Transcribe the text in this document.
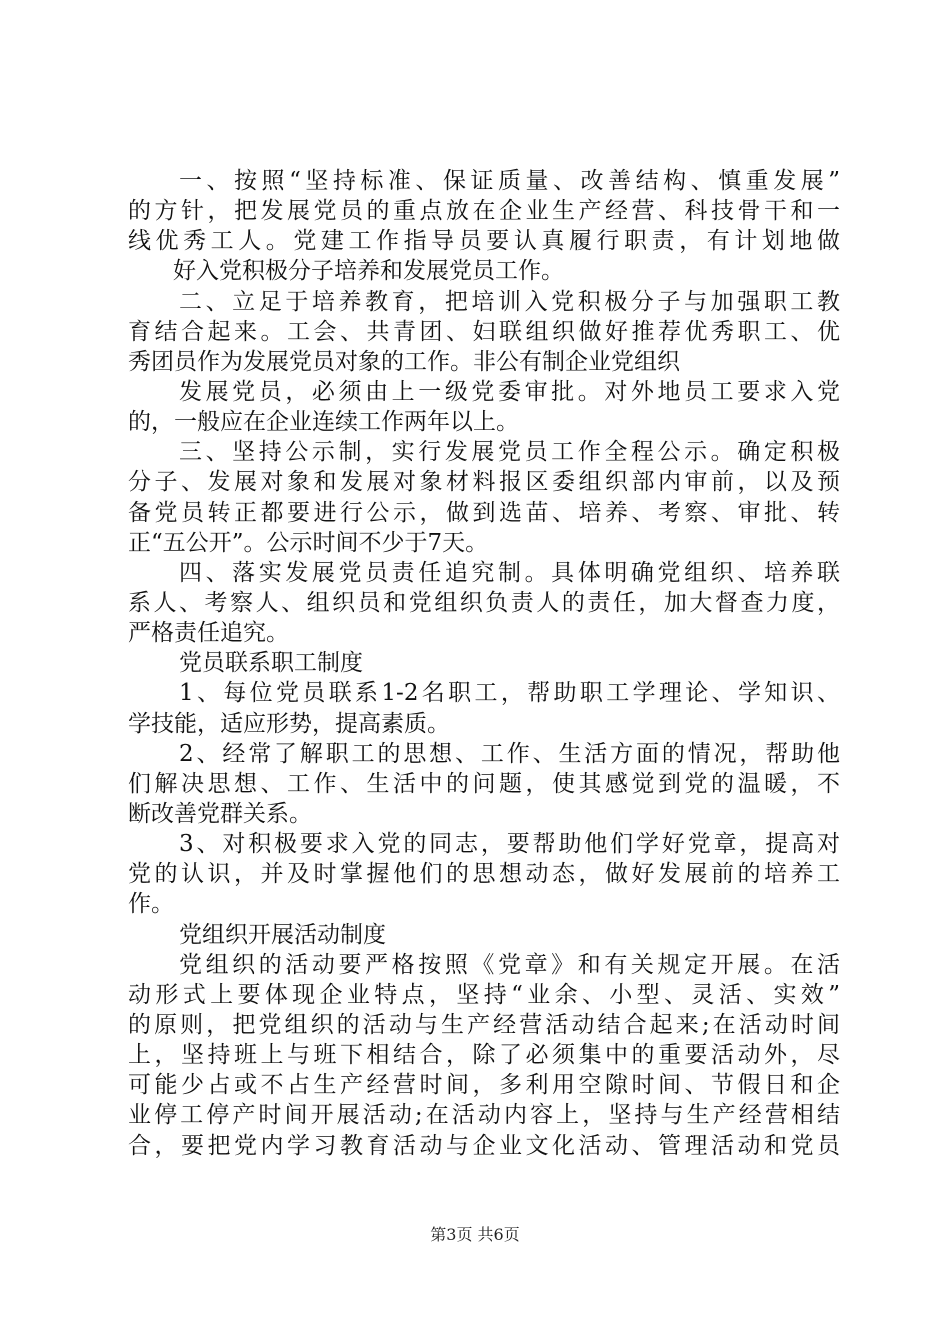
一、按照“坚持标准、保证质量、改善结构、慎重发展”
的方针，把发展党员的重点放在企业生产经营、科技骨干和一
线优秀工人。党建工作指导员要认真履行职责，有计划地做
好入党积极分子培养和发展党员工作。
二、立足于培养教育，把培训入党积极分子与加强职工教
育结合起来。工会、共青团、妇联组织做好推荐优秀职工、优
秀团员作为发展党员对象的工作。非公有制企业党组织
发展党员，必须由上一级党委审批。对外地员工要求入党
的，一般应在企业连续工作两年以上。
三、坚持公示制，实行发展党员工作全程公示。确定积极
分子、发展对象和发展对象材料报区委组织部内审前，以及预
备党员转正都要进行公示，做到选苗、培养、考察、审批、转
正“五公开”。公示时间不少于7天。
四、落实发展党员责任追究制。具体明确党组织、培养联
系人、考察人、组织员和党组织负责人的责任，加大督查力度，
严格责任追究。
党员联系职工制度
1、每位党员联系1-2名职工，帮助职工学理论、学知识、
学技能，适应形势，提高素质。
2、经常了解职工的思想、工作、生活方面的情况，帮助他
们解决思想、工作、生活中的问题，使其感觉到党的温暖，不
断改善党群关系。
3、对积极要求入党的同志，要帮助他们学好党章，提高对
党的认识，并及时掌握他们的思想动态，做好发展前的培养工
作。
党组织开展活动制度
党组织的活动要严格按照《党章》和有关规定开展。在活
动形式上要体现企业特点，坚持“业余、小型、灵活、实效”
的原则，把党组织的活动与生产经营活动结合起来;在活动时间
上，坚持班上与班下相结合，除了必须集中的重要活动外，尽
可能少占或不占生产经营时间，多利用空隙时间、节假日和企
业停工停产时间开展活动;在活动内容上，坚持与生产经营相结
合，要把党内学习教育活动与企业文化活动、管理活动和党员
第3页 共6页
